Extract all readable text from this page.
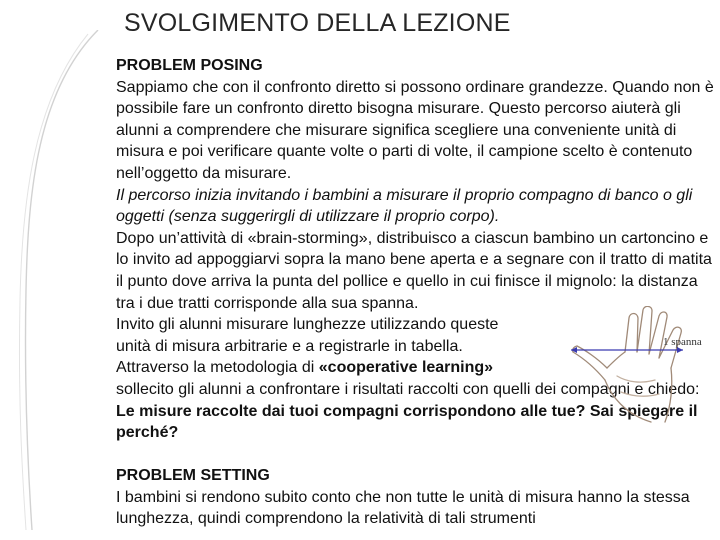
SVOLGIMENTO DELLA LEZIONE
PROBLEM POSING

Sappiamo che con il confronto diretto si possono ordinare grandezze. Quando non è possibile fare un confronto diretto bisogna misurare. Questo percorso aiuterà gli alunni a comprendere che misurare significa scegliere una conveniente unità di misura e poi verificare quante volte o parti di volte, il campione scelto è contenuto nell’oggetto da misurare.

Il percorso inizia invitando i bambini a misurare il proprio compagno di banco o gli oggetti (senza suggerirgli di utilizzare il proprio corpo).

Dopo un’attività di «brain-storming», distribuisco a ciascun bambino un cartoncino e lo invito ad appoggiarvi sopra la mano bene aperta e a segnare con il tratto di matita il punto dove arriva la punta del pollice e quello in cui finisce il mignolo: la distanza tra i due tratti corrisponde alla sua spanna.

Invito gli alunni misurare lunghezze utilizzando queste
unità di misura arbitrarie e a registrarle in tabella.

Attraverso la metodologia di «cooperative learning»
sollecito gli alunni a confrontare i risultati raccolti con quelli dei compagni e chiedo: Le misure raccolte dai tuoi compagni corrispondono alle tue? Sai spiegare il perché?

PROBLEM SETTING

I bambini si rendono subito conto che non tutte le unità di misura hanno la stessa lunghezza, quindi comprendono la relatività di tali strumenti

1 spanna
